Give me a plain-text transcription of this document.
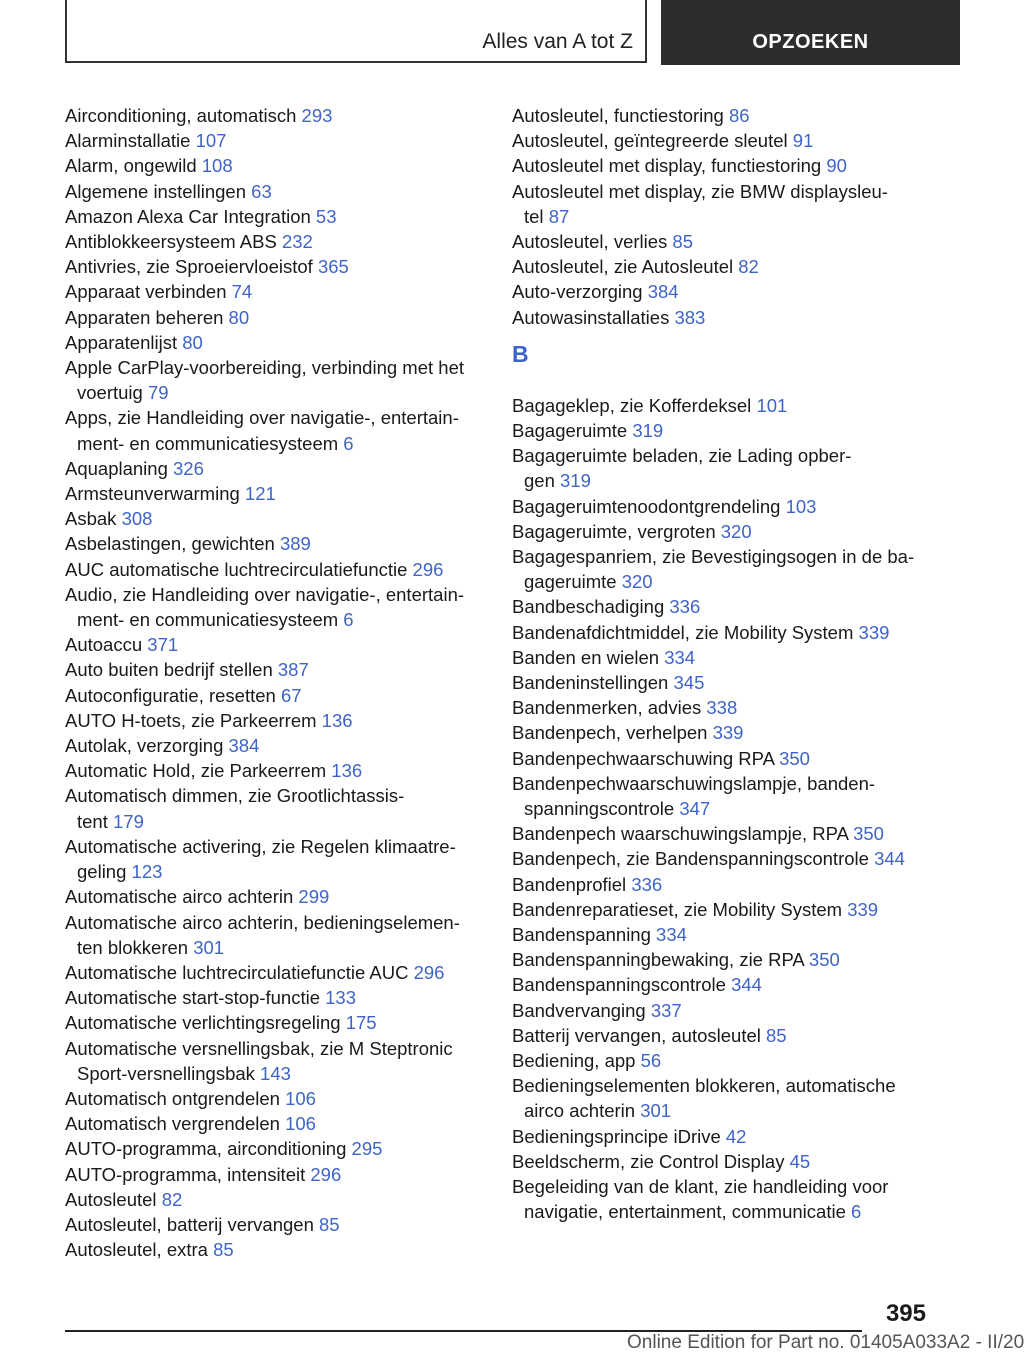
Alles van A tot Z	OPZOEKEN
Airconditioning, automatisch 293
Alarminstallatie 107
Alarm, ongewild 108
Algemene instellingen 63
Amazon Alexa Car Integration 53
Antiblokkeersysteem ABS 232
Antivries, zie Sproeiervloeistof 365
Apparaat verbinden 74
Apparaten beheren 80
Apparatenlijst 80
Apple CarPlay-voorbereiding, verbinding met het
voertuig 79
Apps, zie Handleiding over navigatie-, entertain-
ment- en communicatiesysteem 6
Aquaplaning 326
Armsteunverwarming 121
Asbak 308
Asbelastingen, gewichten 389
AUC automatische luchtrecirculatiefunctie 296
Audio, zie Handleiding over navigatie-, entertain-
ment- en communicatiesysteem 6
Autoaccu 371
Auto buiten bedrijf stellen 387
Autoconfiguratie, resetten 67
AUTO H-toets, zie Parkeerrem 136
Autolak, verzorging 384
Automatic Hold, zie Parkeerrem 136
Automatisch dimmen, zie Grootlichtassis-
tent 179
Automatische activering, zie Regelen klimaatre-
geling 123
Automatische airco achterin 299
Automatische airco achterin, bedieningselemen-
ten blokkeren 301
Automatische luchtrecirculatiefunctie AUC 296
Automatische start-stop-functie 133
Automatische verlichtingsregeling 175
Automatische versnellingsbak, zie M Steptronic
Sport-versnellingsbak 143
Automatisch ontgrendelen 106
Automatisch vergrendelen 106
AUTO-programma, airconditioning 295
AUTO-programma, intensiteit 296
Autosleutel 82
Autosleutel, batterij vervangen 85
Autosleutel, extra 85
Autosleutel, functiestoring 86
Autosleutel, geïntegreerde sleutel 91
Autosleutel met display, functiestoring 90
Autosleutel met display, zie BMW displaysleu-
tel 87
Autosleutel, verlies 85
Autosleutel, zie Autosleutel 82
Auto-verzorging 384
Autowasinstallaties 383
B
Bagageklep, zie Kofferdeksel 101
Bagageruimte 319
Bagageruimte beladen, zie Lading opber-
gen 319
Bagageruimtenoodontgrendeling 103
Bagageruimte, vergroten 320
Bagagespanriem, zie Bevestigingsogen in de ba-
gageruimte 320
Bandbeschadiging 336
Bandenafdichtmiddel, zie Mobility System 339
Banden en wielen 334
Bandeninstellingen 345
Bandenmerken, advies 338
Bandenpech, verhelpen 339
Bandenpechwaarschuwing RPA 350
Bandenpechwaarschuwingslampje, banden-
spanningscontrole 347
Bandenpech waarschuwingslampje, RPA 350
Bandenpech, zie Bandenspanningscontrole 344
Bandenprofiel 336
Bandenreparatieset, zie Mobility System 339
Bandenspanning 334
Bandenspanningbewaking, zie RPA 350
Bandenspanningscontrole 344
Bandvervanging 337
Batterij vervangen, autosleutel 85
Bediening, app 56
Bedieningselementen blokkeren, automatische
airco achterin 301
Bedieningsprincipe iDrive 42
Beeldscherm, zie Control Display 45
Begeleiding van de klant, zie handleiding voor
navigatie, entertainment, communicatie 6
395
Online Edition for Part no. 01405A033A2 - II/20
